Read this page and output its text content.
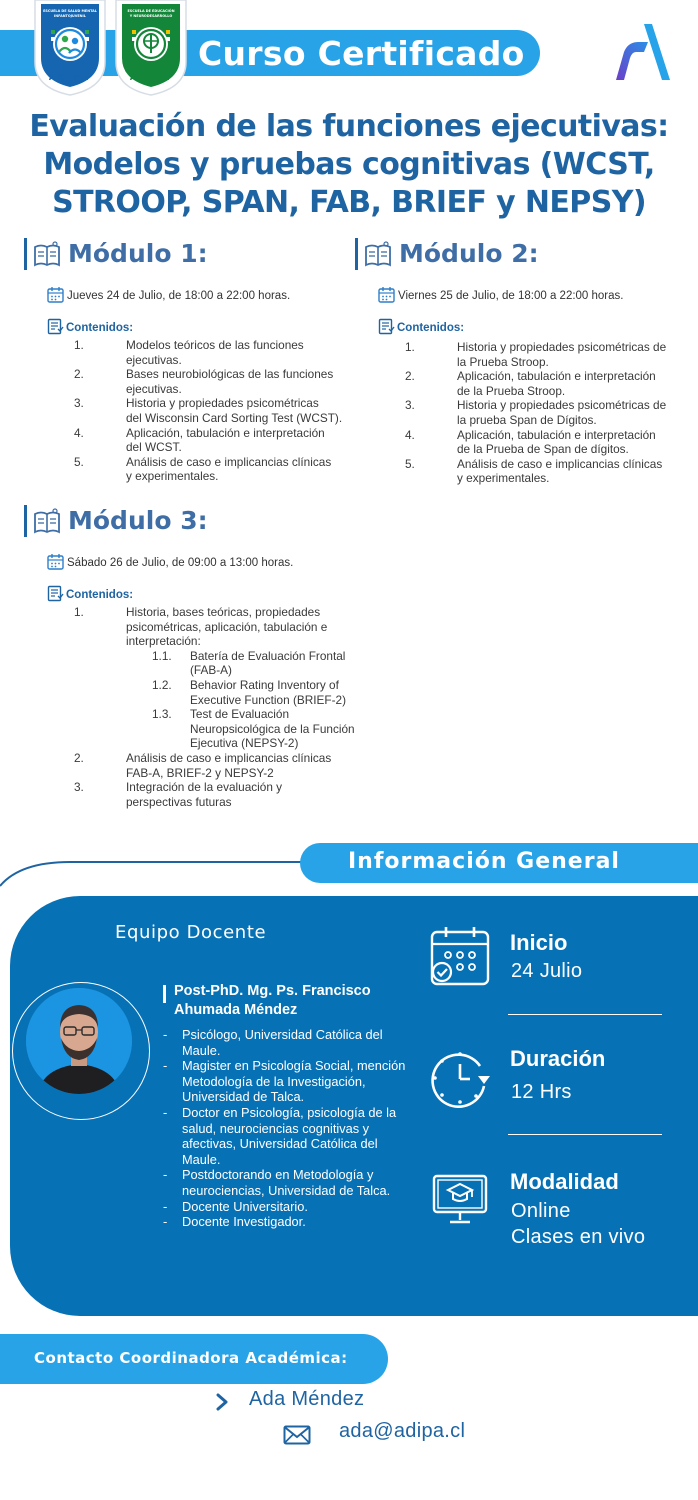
Curso Certificado
ESCUELA DE SALUD MENTAL
INFANTOJUVENIL
ADIPA
ESCUELA DE EDUCACIÓN
Y NEURODESARROLLO
ADIPA
Evaluación de las funciones ejecutivas:
Modelos y pruebas cognitivas (WCST,
STROOP, SPAN, FAB, BRIEF y NEPSY)
Módulo 1:
Jueves 24 de Julio, de 18:00 a 22:00 horas.
Contenidos:
1.	Modelos teóricos de las funciones
ejecutivas.
2.	Bases neurobiológicas de las funciones
ejecutivas.
3.	Historia y propiedades psicométricas
del Wisconsin Card Sorting Test (WCST).
4.	Aplicación, tabulación e interpretación
del WCST.
5.	Análisis de caso e implicancias clínicas
y experimentales.
Módulo 2:
Viernes 25 de Julio, de 18:00 a 22:00 horas.
Contenidos:
1.	Historia y propiedades psicométricas de
la Prueba Stroop.
2.	Aplicación, tabulación e interpretación
de la Prueba Stroop.
3.	Historia y propiedades psicométricas de
la prueba Span de Dígitos.
4.	Aplicación, tabulación e interpretación
de la Prueba de Span de dígitos.
5.	Análisis de caso e implicancias clínicas
y experimentales.
Módulo 3:
Sábado 26 de Julio, de 09:00 a 13:00 horas.
Contenidos:
1.	Historia, bases teóricas, propiedades
psicométricas, aplicación, tabulación e
interpretación:
1.1.	Batería de Evaluación Frontal
(FAB-A)
1.2.	Behavior Rating Inventory of
Executive Function (BRIEF-2)
1.3.	Test de Evaluación
Neuropsicológica de la Función
Ejecutiva (NEPSY-2)
2.	Análisis de caso e implicancias clínicas
FAB-A, BRIEF-2 y NEPSY-2
3.	Integración de la evaluación y
perspectivas futuras
Información General
Equipo Docente
Post-PhD. Mg. Ps. Francisco Ahumada Méndez
- Psicólogo, Universidad Católica del Maule.
- Magister en Psicología Social, mención Metodología de la Investigación, Universidad de Talca.
- Doctor en Psicología, psicología de la salud, neurociencias cognitivas y afectivas, Universidad Católica del Maule.
- Postdoctorando en Metodología y neurociencias, Universidad de Talca.
- Docente Universitario.
- Docente Investigador.
Inicio
24 Julio
Duración
12 Hrs
Modalidad
Online
Clases en vivo
Contacto Coordinadora Académica:
Ada Méndez
ada@adipa.cl
